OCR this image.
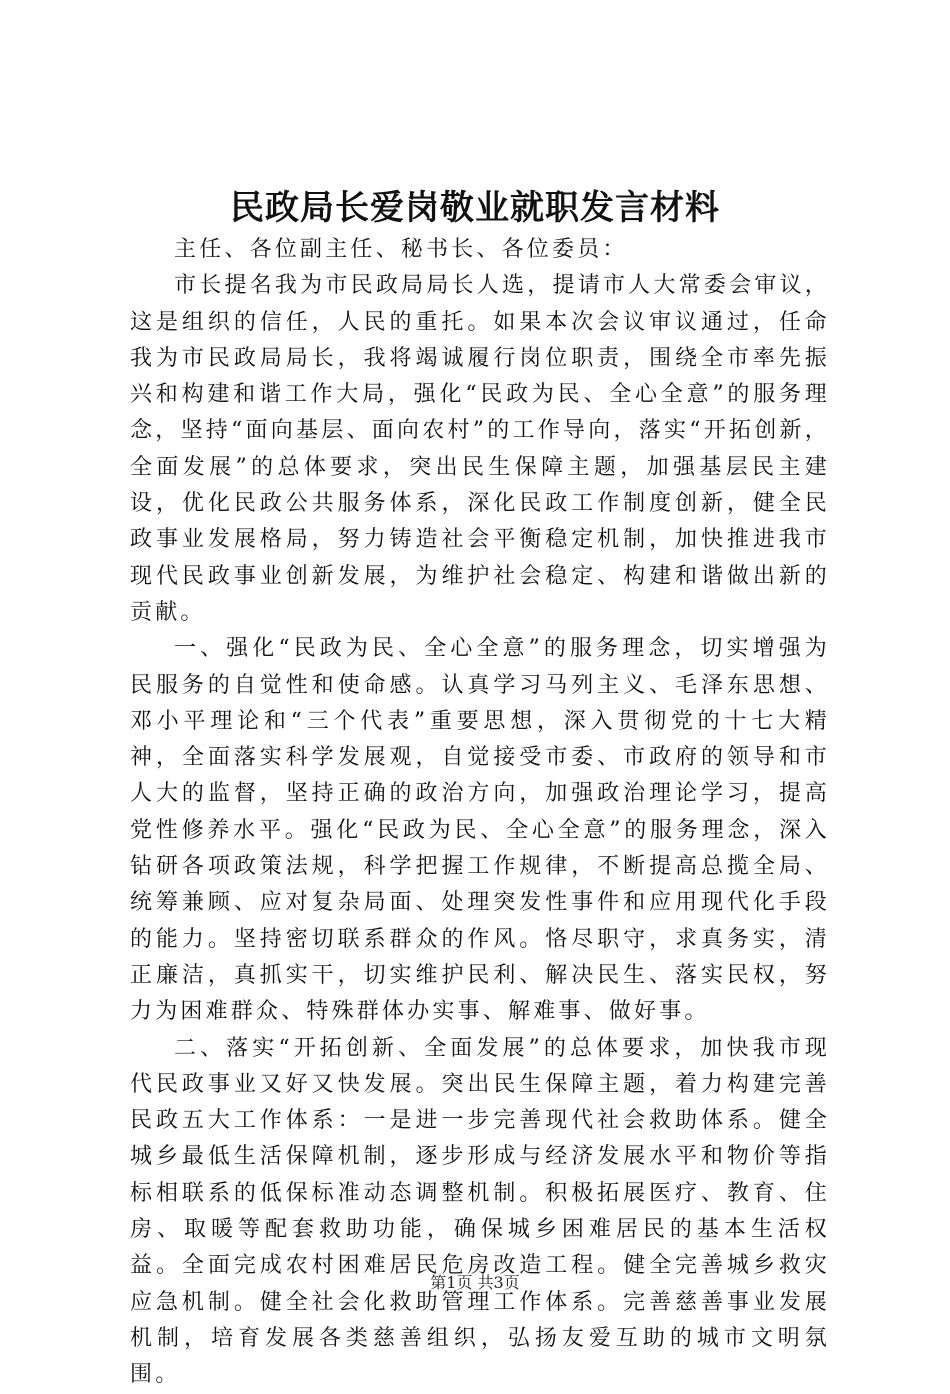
民政局长爱岗敬业就职发言材料

主任、各位副主任、秘书长、各位委员：

市长提名我为市民政局局长人选，提请市人大常委会审议，这是组织的信任，人民的重托。如果本次会议审议通过，任命我为市民政局局长，我将竭诚履行岗位职责，围绕全市率先振兴和构建和谐工作大局，强化“民政为民、全心全意”的服务理念，坚持“面向基层、面向农村”的工作导向，落实“开拓创新，全面发展”的总体要求，突出民生保障主题，加强基层民主建设，优化民政公共服务体系，深化民政工作制度创新，健全民政事业发展格局，努力铸造社会平衡稳定机制，加快推进我市现代民政事业创新发展，为维护社会稳定、构建和谐做出新的贡献。

一、强化“民政为民、全心全意”的服务理念，切实增强为民服务的自觉性和使命感。认真学习马列主义、毛泽东思想、邓小平理论和“三个代表”重要思想，深入贯彻党的十七大精神，全面落实科学发展观，自觉接受市委、市政府的领导和市人大的监督，坚持正确的政治方向，加强政治理论学习，提高党性修养水平。强化“民政为民、全心全意”的服务理念，深入钻研各项政策法规，科学把握工作规律，不断提高总揽全局、统筹兼顾、应对复杂局面、处理突发性事件和应用现代化手段的能力。坚持密切联系群众的作风。恪尽职守，求真务实，清正廉洁，真抓实干，切实维护民利、解决民生、落实民权，努力为困难群众、特殊群体办实事、解难事、做好事。

二、落实“开拓创新、全面发展”的总体要求，加快我市现代民政事业又好又快发展。突出民生保障主题，着力构建完善民政五大工作体系：一是进一步完善现代社会救助体系。健全城乡最低生活保障机制，逐步形成与经济发展水平和物价等指标相联系的低保标准动态调整机制。积极拓展医疗、教育、住房、取暖等配套救助功能，确保城乡困难居民的基本生活权益。全面完成农村困难居民危房改造工程。健全完善城乡救灾应急机制。健全社会化救助管理工作体系。完善慈善事业发展机制，培育发展各类慈善组织，弘扬友爱互助的城市文明氛围。

第1页 共3页
